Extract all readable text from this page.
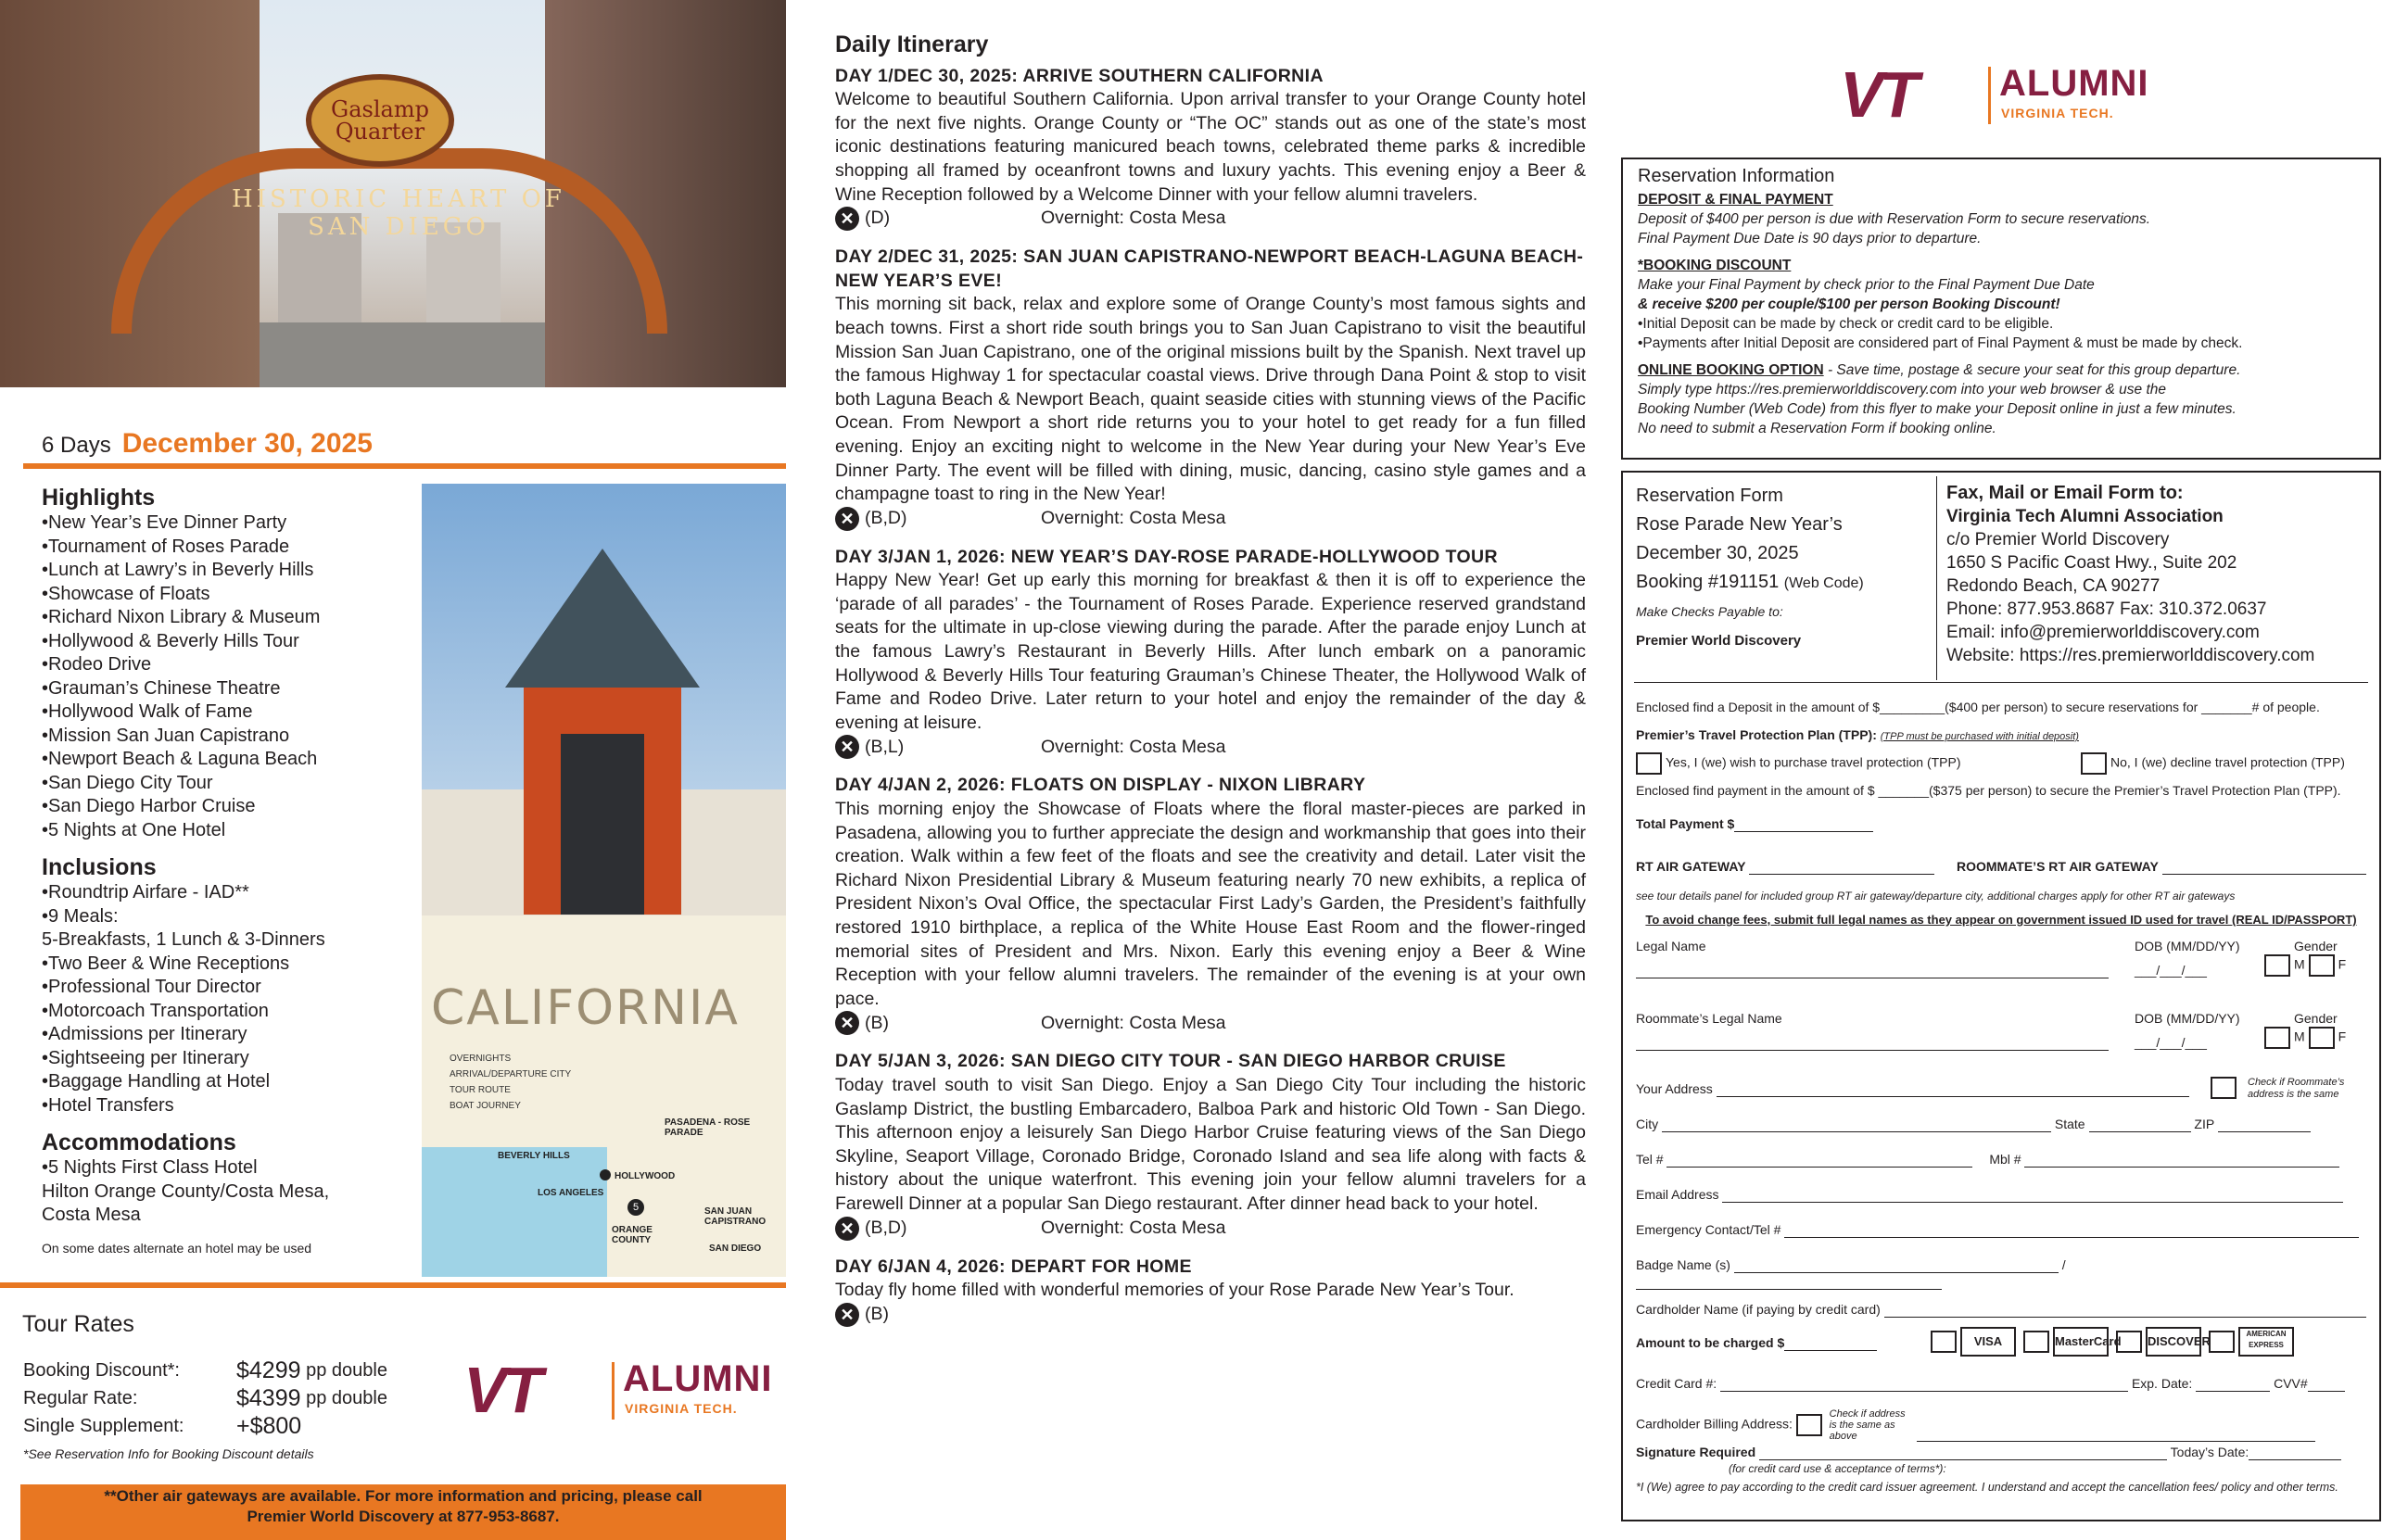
Gaslamp Quarter
HISTORIC HEART OF SAN DIEGO
6 Days December 30, 2025
Highlights
•New Year’s Eve Dinner Party
•Tournament of Roses Parade
•Lunch at Lawry’s in Beverly Hills
•Showcase of Floats
•Richard Nixon Library & Museum
•Hollywood & Beverly Hills Tour
•Rodeo Drive
•Grauman’s Chinese Theatre
•Hollywood Walk of Fame
•Mission San Juan Capistrano
•Newport Beach & Laguna Beach
•San Diego City Tour
•San Diego Harbor Cruise
•5 Nights at One Hotel
Inclusions
•Roundtrip Airfare - IAD**
•9 Meals:
5-Breakfasts, 1 Lunch & 3-Dinners
•Two Beer & Wine Receptions
•Professional Tour Director
•Motorcoach Transportation
•Admissions per Itinerary
•Sightseeing per Itinerary
•Baggage Handling at Hotel
•Hotel Transfers
Accommodations
•5 Nights First Class Hotel
Hilton Orange County/Costa Mesa,
Costa Mesa
On some dates alternate an hotel may be used
CALIFORNIA
OVERNIGHTS
ARRIVAL/DEPARTURE CITY
TOUR ROUTE
BOAT JOURNEY
PASADENA - ROSE PARADE
BEVERLY HILLS
HOLLYWOOD
LOS ANGELES
ORANGE COUNTY
SAN JUAN CAPISTRANO
SAN DIEGO
5
Tour Rates
Booking Discount*:	$4299
pp double
Regular Rate:	$4399
pp double
Single Supplement:	+$800

*See Reservation Info for Booking Discount details
VT ALUMNI
VIRGINIA TECH.
**Other air gateways are available. For more information and pricing, please call
Premier World Discovery at 877-953-8687.
Daily Itinerary
DAY 1/DEC 30, 2025: ARRIVE SOUTHERN CALIFORNIA

Welcome to beautiful Southern California. Upon arrival transfer to your Orange County hotel for the next five nights. Orange County or “The OC” stands out as one of the state’s most iconic destinations featuring manicured beach towns, celebrated theme parks & incredible shopping all framed by oceanfront towns and luxury yachts. This evening enjoy a Beer & Wine Reception followed by a Welcome Dinner with your fellow alumni travelers.

✕ (D)	Overnight: Costa Mesa
DAY 2/DEC 31, 2025: SAN JUAN CAPISTRANO-NEWPORT BEACH-LAGUNA BEACH-NEW YEAR’S EVE!

This morning sit back, relax and explore some of Orange County’s most famous sights and beach towns. First a short ride south brings you to San Juan Capistrano to visit the beautiful Mission San Juan Capistrano, one of the original missions built by the Spanish. Next travel up the famous Highway 1 for spectacular coastal views. Drive through Dana Point & stop to visit both Laguna Beach & Newport Beach, quaint seaside cities with stunning views of the Pacific Ocean. From Newport a short ride returns you to your hotel to get ready for a fun filled evening. Enjoy an exciting night to welcome in the New Year during your New Year’s Eve Dinner Party. The event will be filled with dining, music, dancing, casino style games and a champagne toast to ring in the New Year!

✕ (B,D)	Overnight: Costa Mesa
DAY 3/JAN 1, 2026: NEW YEAR’S DAY-ROSE PARADE-HOLLYWOOD TOUR

Happy New Year! Get up early this morning for breakfast & then it is off to experience the ‘parade of all parades’ - the Tournament of Roses Parade. Experience reserved grandstand seats for the ultimate in up-close viewing during the parade. After the parade enjoy Lunch at the famous Lawry’s Restaurant in Beverly Hills. After lunch embark on a panoramic Hollywood & Beverly Hills Tour featuring Grauman’s Chinese Theater, the Hollywood Walk of Fame and Rodeo Drive. Later return to your hotel and enjoy the remainder of the day & evening at leisure.

✕ (B,L)	Overnight: Costa Mesa
DAY 4/JAN 2, 2026: FLOATS ON DISPLAY - NIXON LIBRARY

This morning enjoy the Showcase of Floats where the floral master-pieces are parked in Pasadena, allowing you to further appreciate the design and workmanship that goes into their creation. Walk within a few feet of the floats and see the creativity and detail. Later visit the Richard Nixon Presidential Library & Museum featuring nearly 70 new exhibits, a replica of President Nixon’s Oval Office, the spectacular First Lady’s Garden, the President’s faithfully restored 1910 birthplace, a replica of the White House East Room and the flower-ringed memorial sites of President and Mrs. Nixon. Early this evening enjoy a Beer & Wine Reception with your fellow alumni travelers. The remainder of the evening is at your own pace.

✕ (B)	Overnight: Costa Mesa
DAY 5/JAN 3, 2026: SAN DIEGO CITY TOUR - SAN DIEGO HARBOR CRUISE

Today travel south to visit San Diego. Enjoy a San Diego City Tour including the historic Gaslamp District, the bustling Embarcadero, Balboa Park and historic Old Town - San Diego. This afternoon enjoy a leisurely San Diego Harbor Cruise featuring views of the San Diego Skyline, Seaport Village, Coronado Bridge, Coronado Island and sea life along with facts & history about the unique waterfront. This evening join your fellow alumni travelers for a Farewell Dinner at a popular San Diego restaurant. After dinner head back to your hotel.

✕ (B,D)	Overnight: Costa Mesa
DAY 6/JAN 4, 2026: DEPART FOR HOME

Today fly home filled with wonderful memories of your Rose Parade New Year’s Tour.

✕ (B)
VT ALUMNI
VIRGINIA TECH.
Reservation Information
DEPOSIT & FINAL PAYMENT
Deposit of $400 per person is due with Reservation Form to secure reservations.
Final Payment Due Date is 90 days prior to departure.
*BOOKING DISCOUNT
Make your Final Payment by check prior to the Final Payment Due Date
& receive $200 per couple/$100 per person Booking Discount!
•Initial Deposit can be made by check or credit card to be eligible.
•Payments after Initial Deposit are considered part of Final Payment & must be made by check.
ONLINE BOOKING OPTION - Save time, postage & secure your seat for this group departure.
Simply type https://res.premierworlddiscovery.com into your web browser & use the
Booking Number (Web Code) from this flyer to make your Deposit online in just a few minutes.
No need to submit a Reservation Form if booking online.
Reservation Form
Rose Parade New Year’s
December 30, 2025
Booking #191151 (Web Code)
Make Checks Payable to:
Premier World Discovery
Fax, Mail or Email Form to:
Virginia Tech Alumni Association
c/o Premier World Discovery
1650 S Pacific Coast Hwy., Suite 202
Redondo Beach, CA 90277
Phone: 877.953.8687 Fax: 310.372.0637
Email: info@premierworlddiscovery.com
Website: https://res.premierworlddiscovery.com
Enclosed find a Deposit in the amount of $_________($400 per person) to secure reservations for _______# of people.
Premier’s Travel Protection Plan (TPP): (TPP must be purchased with initial deposit)
Yes, I (we) wish to purchase travel protection (TPP)	No, I (we) decline travel protection (TPP)
Enclosed find payment in the amount of $ _______($375 per person) to secure the Premier’s Travel Protection Plan (TPP).
Total Payment $
RT AIR GATEWAY	ROOMMATE’S RT AIR GATEWAY
see tour details panel for included group RT air gateway/departure city, additional charges apply for other RT air gateways
To avoid change fees, submit full legal names as they appear on government issued ID used for travel (REAL ID/PASSPORT)
Legal Name	DOB (MM/DD/YY)	Gender
___/___/___	M	F
Roommate’s Legal Name	DOB (MM/DD/YY)	Gender
___/___/___	M	F
Your Address	Check if Roommate’s address is the same
City	State	ZIP
Tel #	Mbl #
Email Address
Emergency Contact/Tel #
Badge Name (s)	/
Cardholder Name (if paying by credit card)
Amount to be charged $	VISA	MasterCard DISCOVERAMERICAN EXPRESS
Credit Card #:	Exp. Date:	CVV#
Cardholder Billing Address:  Check if address is the same as above
Signature Required	Today’s Date:
(for credit card use & acceptance of terms*):
*I (We) agree to pay according to the credit card issuer agreement. I understand and accept the cancellation fees/ policy and other terms.
